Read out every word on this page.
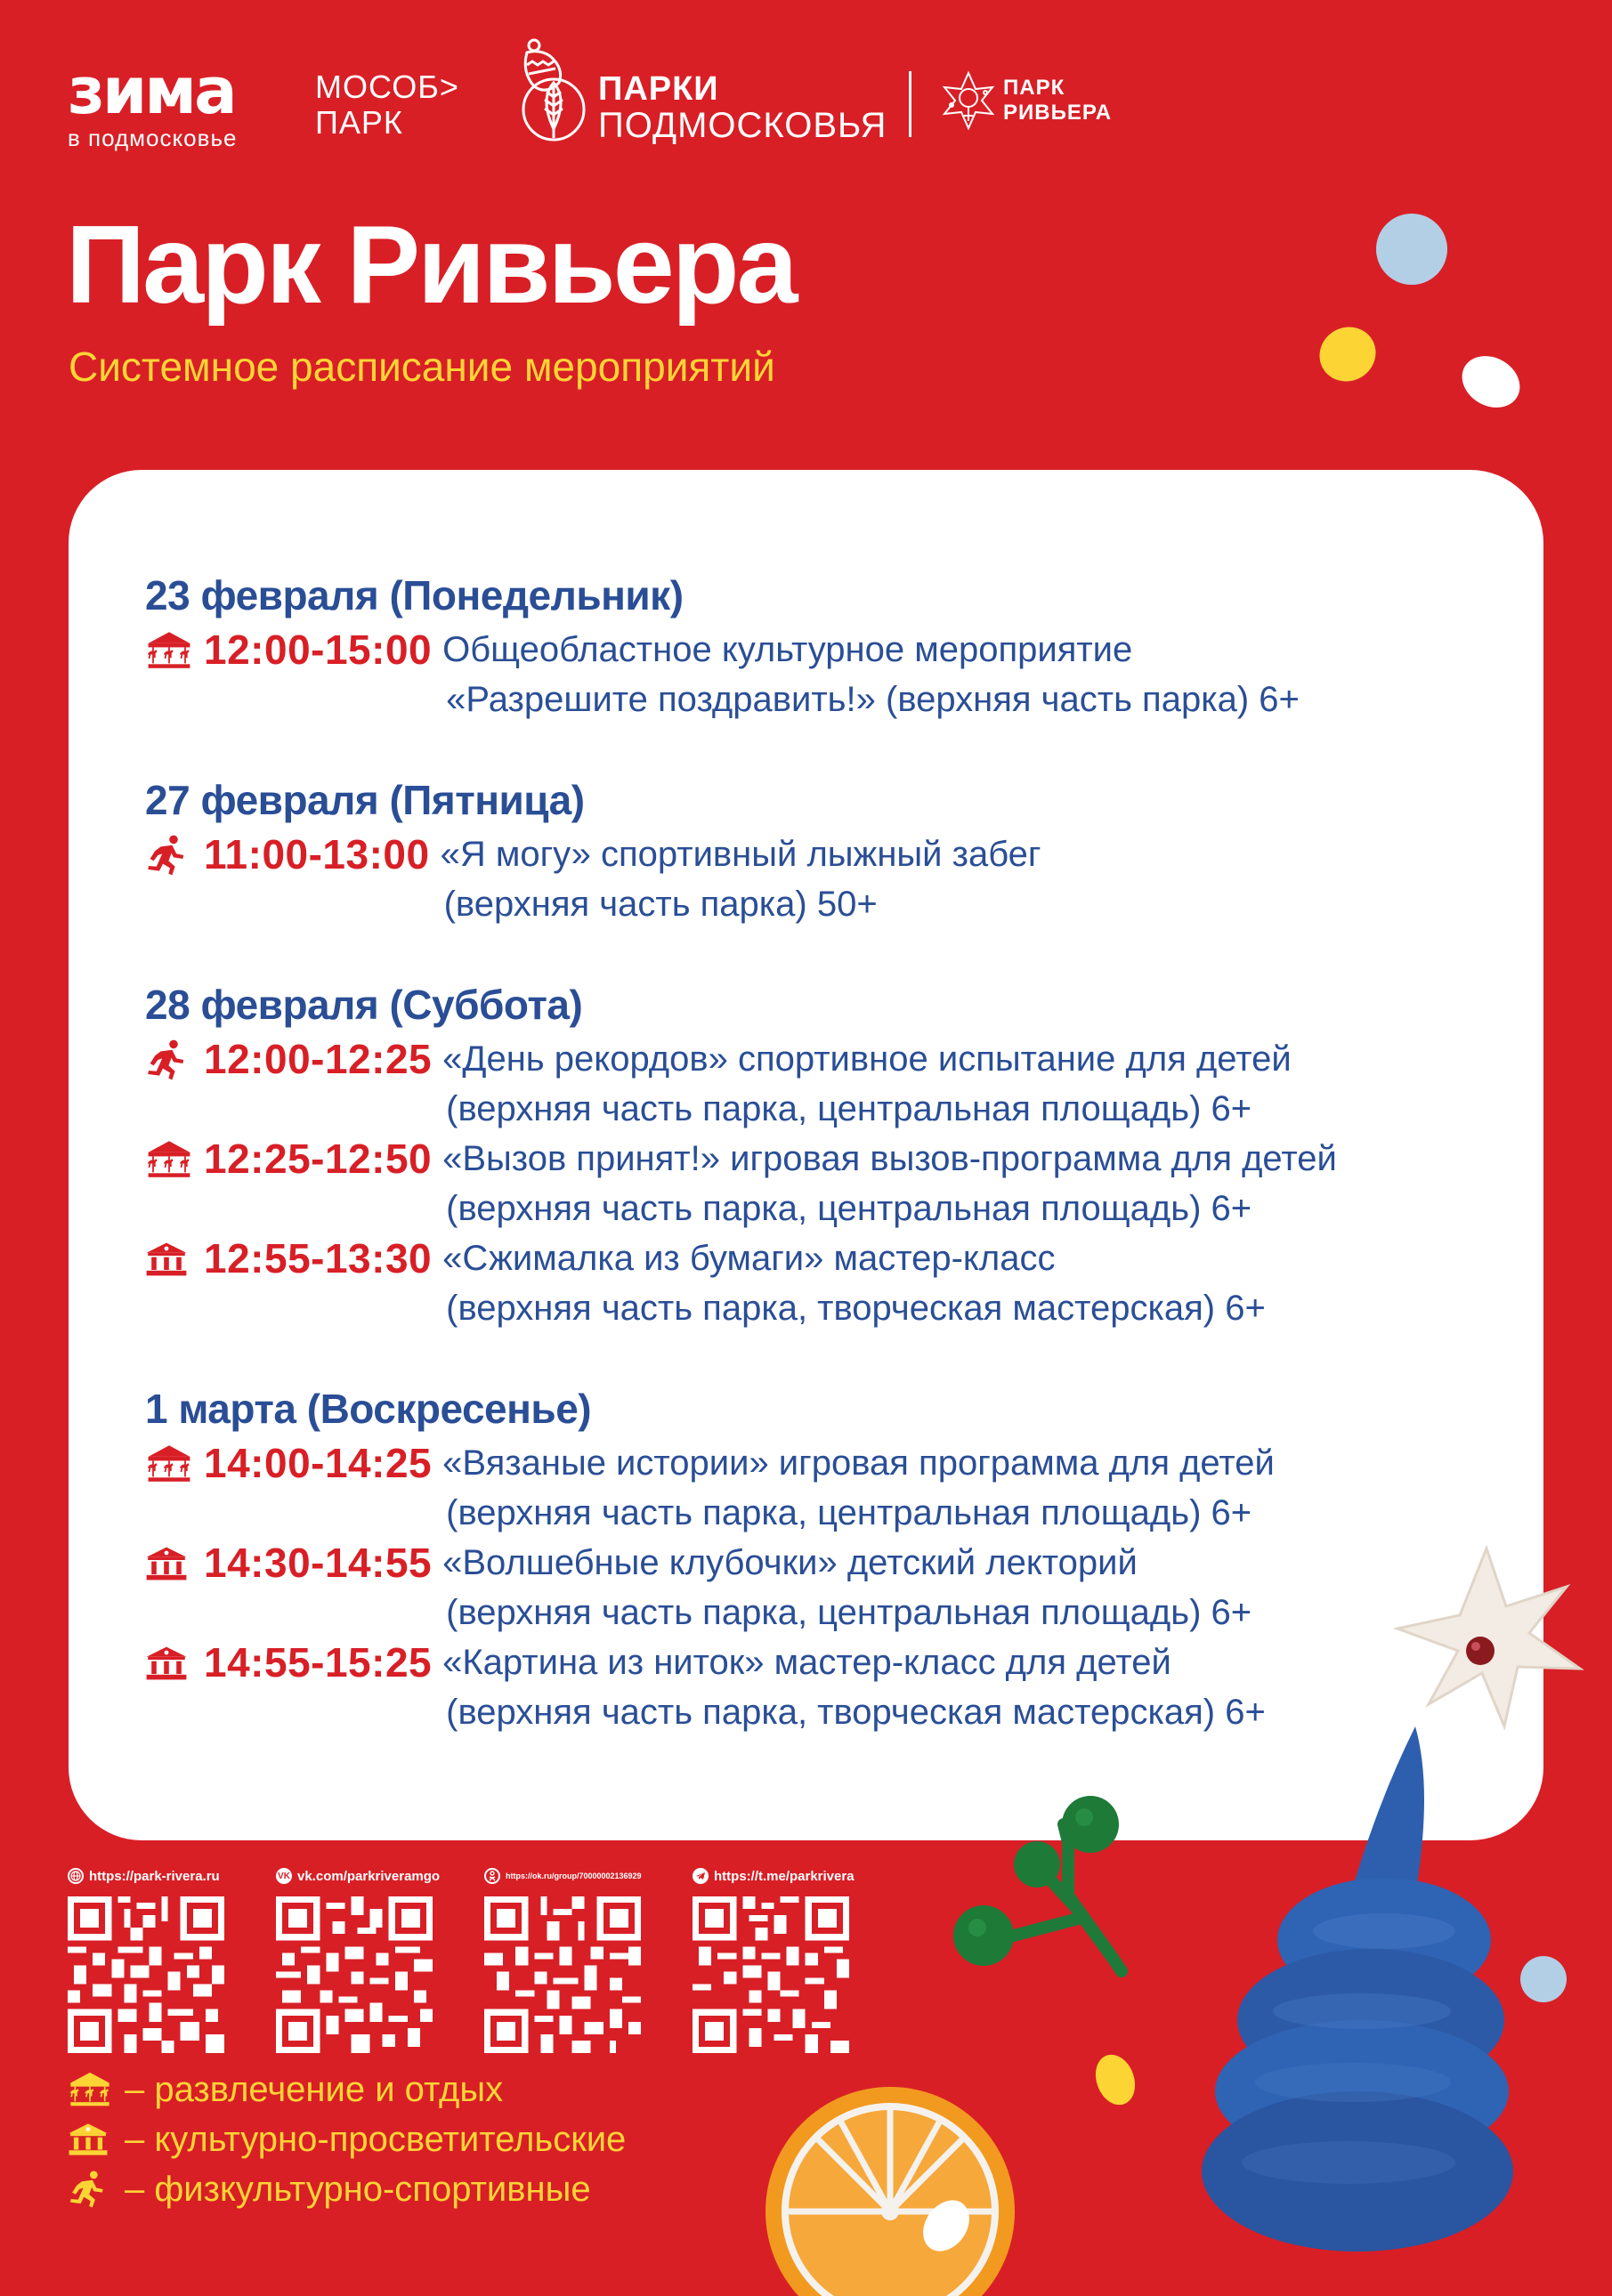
зима
в подмосковье
МОСОБ>
ПАРК
ПАРКИ
ПОДМОСКОВЬЯ
ПАРК
РИВЬЕРА
Парк Ривьера
Системное расписание мероприятий
23 февраля (Понедельник)
12:00-15:00 Общеобластное культурное мероприятие
«Разрешите поздравить!» (верхняя часть парка) 6+
27 февраля (Пятница)
11:00-13:00 «Я могу» спортивный лыжный забег
(верхняя часть парка) 50+
28 февраля (Суббота)
12:00-12:25 «День рекордов» спортивное испытание для детей
(верхняя часть парка, центральная площадь) 6+
12:25-12:50 «Вызов принят!» игровая вызов-программа для детей
(верхняя часть парка, центральная площадь) 6+
12:55-13:30 «Сжималка из бумаги» мастер-класс
(верхняя часть парка, творческая мастерская) 6+
1 марта (Воскресенье)
14:00-14:25 «Вязаные истории» игровая программа для детей
(верхняя часть парка, центральная площадь) 6+
14:30-14:55 «Волшебные клубочки» детский лекторий
(верхняя часть парка, центральная площадь) 6+
14:55-15:25 «Картина из ниток» мастер-класс для детей
(верхняя часть парка, творческая мастерская) 6+
https://park-rivera.ru	VK vk.com/parkriveramgo	https://ok.ru/group/70000002136929	https://t.me/parkrivera
– развлечение и отдых
– культурно-просветительские
– физкультурно-спортивные
